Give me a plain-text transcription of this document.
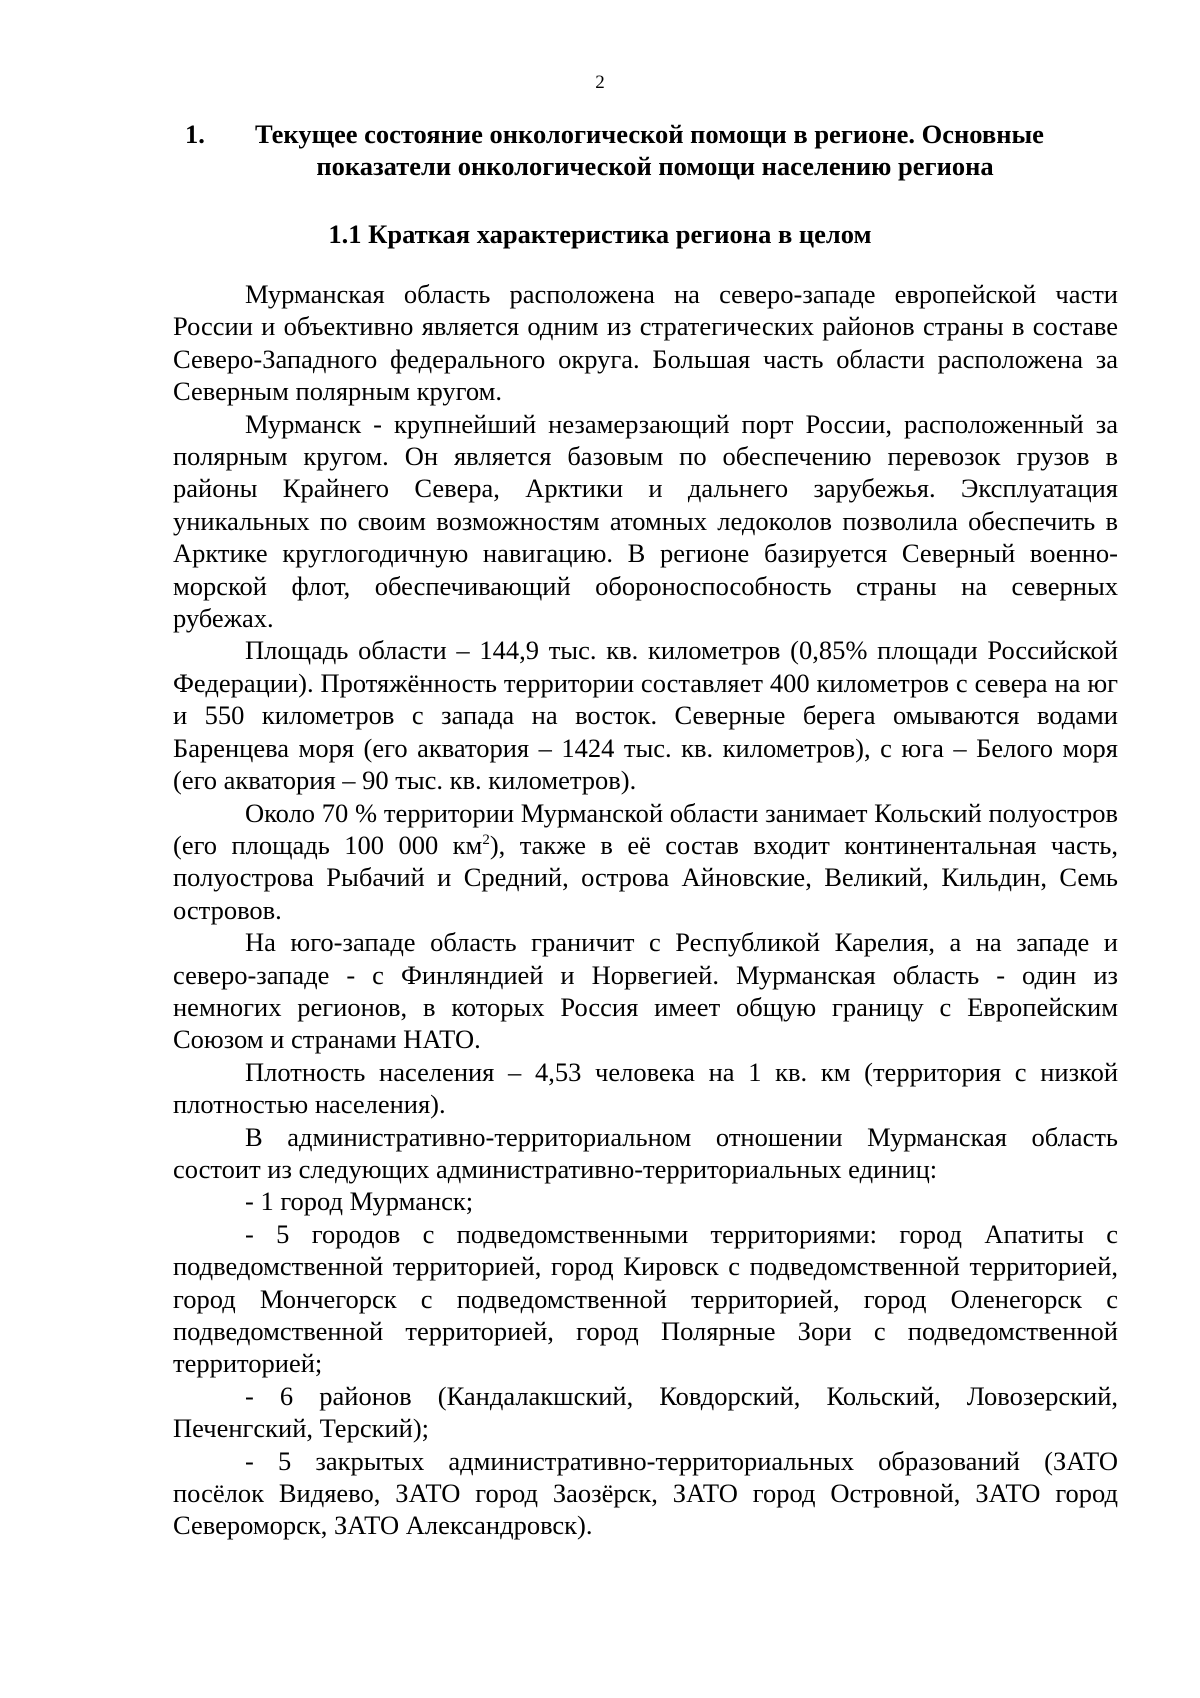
2
1. Текущее состояние онкологической помощи в регионе. Основные
показатели онкологической помощи населению региона
1.1 Краткая характеристика региона в целом

Мурманская область расположена на северо-западе европейской части России и объективно является одним из стратегических районов страны в составе Северо-Западного федерального округа. Большая часть области расположена за Северным полярным кругом.

Мурманск - крупнейший незамерзающий порт России, расположенный за полярным кругом. Он является базовым по обеспечению перевозок грузов в районы Крайнего Севера, Арктики и дальнего зарубежья. Эксплуатация уникальных по своим возможностям атомных ледоколов позволила обеспечить в Арктике круглогодичную навигацию. В регионе базируется Северный военно-морской флот, обеспечивающий обороноспособность страны на северных рубежах.

Площадь области – 144,9 тыс. кв. километров (0,85% площади Российской Федерации). Протяжённость территории составляет 400 километров с севера на юг и 550 километров с запада на восток. Северные берега омываются водами Баренцева моря (его акватория – 1424 тыс. кв. километров), с юга – Белого моря (его акватория – 90 тыс. кв. километров).

Около 70 % территории Мурманской области занимает Кольский полуостров (его площадь 100 000 $км^2$), также в её состав входит континентальная часть, полуострова Рыбачий и Средний, острова Айновские, Великий, Кильдин, Семь островов.

На юго-западе область граничит с Республикой Карелия, а на западе и северо-западе - с Финляндией и Норвегией. Мурманская область - один из немногих регионов, в которых Россия имеет общую границу с Европейским Союзом и странами НАТО.

Плотность населения – 4,53 человека на 1 кв. км (территория с низкой плотностью населения).

В административно-территориальном отношении Мурманская область состоит из следующих административно-территориальных единиц:

- 1 город Мурманск;

- 5 городов с подведомственными территориями: город Апатиты с подведомственной территорией, город Кировск с подведомственной территорией, город Мончегорск с подведомственной территорией, город Оленегорск с подведомственной территорией, город Полярные Зори с подведомственной территорией;

- 6 районов (Кандалакшский, Ковдорский, Кольский, Ловозерский, Печенгский, Терский);

- 5 закрытых административно-территориальных образований (ЗАТО посёлок Видяево, ЗАТО город Заозёрск, ЗАТО город Островной, ЗАТО город Североморск, ЗАТО Александровск).
